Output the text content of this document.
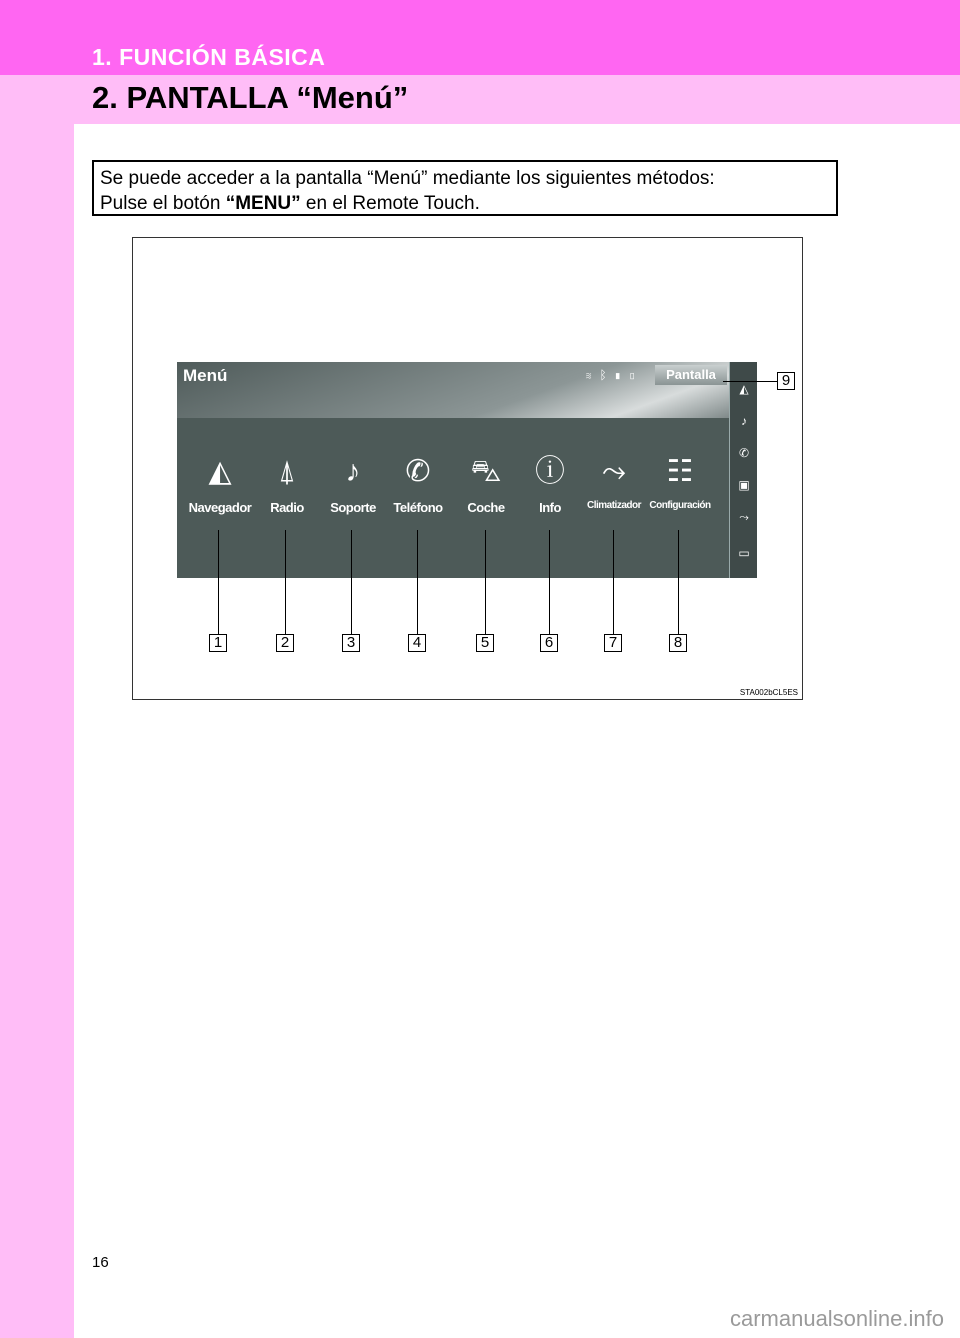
1. FUNCIÓN BÁSICA
2. PANTALLA “Menú”
Se puede acceder a la pantalla “Menú” mediante los siguientes métodos:
Pulse el botón “MENU” en el Remote Touch.
Menú	≋ ᛒ ▮ ▯	Pantalla
◭
♪
✆
▣
⤳
▭
◭
Navegador
⍋
Radio
♪
Soporte
✆
Teléfono
⛍
Coche
ⓘ
Info
⤳
Climatizador
☷
Configuración
1	2	3	4	5	6	7	8
9
STA002bCL5ES
16
carmanualsonline.info
